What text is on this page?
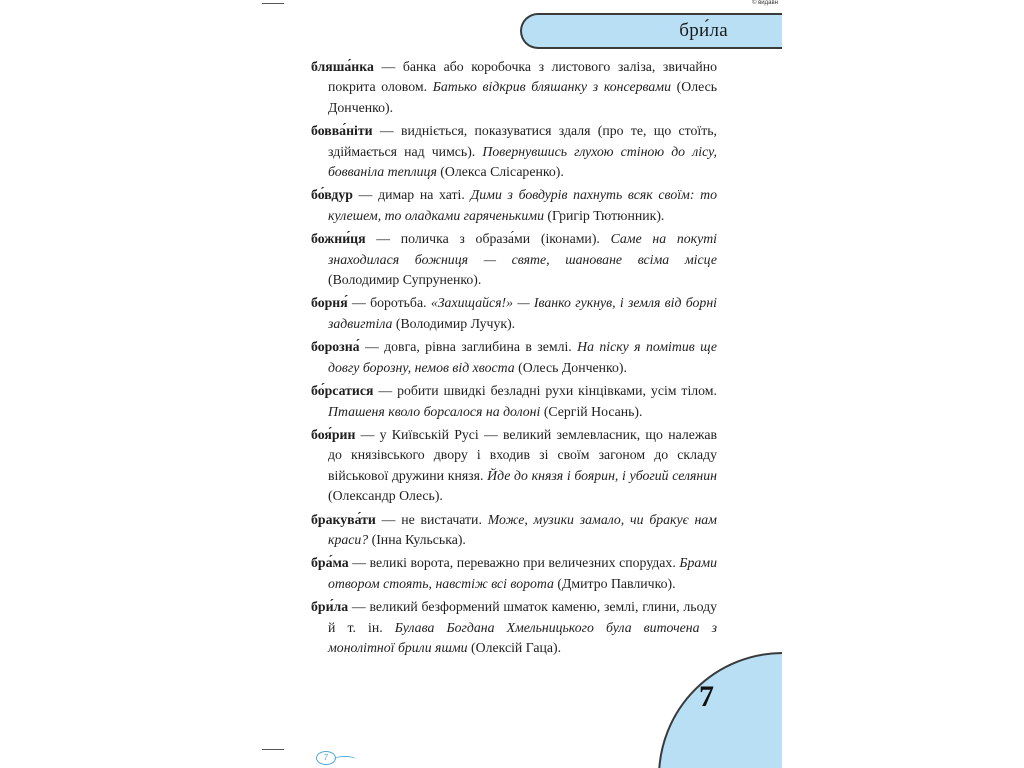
© видавн
бри́ла
бляша́нка — банка або коробочка з листового заліза, звичайно покрита оловом. Батько відкрив бляшанку з консервами (Олесь Донченко).
бовва́ніти — видніється, показуватися здаля (про те, що стоїть, здіймається над чимсь). Повернувшись глухою стіною до лісу, бовваніла теплиця (Олекса Слісаренко).
бо́вдур — димар на хаті. Дими з бовдурів пахнуть всяк своїм: то кулешем, то оладками гаряченькими (Григір Тютюнник).
божни́ця — поличка з образа́ми (іконами). Саме на покуті знаходилася божниця — святе, шановане всіма місце (Володимир Супруненко).
борня́ — боротьба. «Захищайся!» — Іванко гукнув, і земля від борні задвигтіла (Володимир Лучук).
борозна́ — довга, рівна заглибина в землі. На піску я помітив ще довгу борозну, немов від хвоста (Олесь Донченко).
бо́рсатися — робити швидкі безладні рухи кінцівками, усім тілом. Пташеня кволо борсалося на долоні (Сергій Носань).
боя́рин — у Київській Русі — великий землевласник, що належав до князівського двору і входив зі своїм загоном до складу військової дружини князя. Йде до князя і боярин, і убогий селянин (Олександр Олесь).
бракува́ти — не вистачати. Може, музики замало, чи бракує нам краси? (Інна Кульська).
бра́ма — великі ворота, переважно при величезних спорудах. Брами отвором стоять, навстіж всі ворота (Дмитро Павличко).
бри́ла — великий безформений шматок каменю, землі, глини, льоду й т. ін. Булава Богдана Хмельницького була виточена з монолітної брили яшми (Олексій Гаца).
7
7
